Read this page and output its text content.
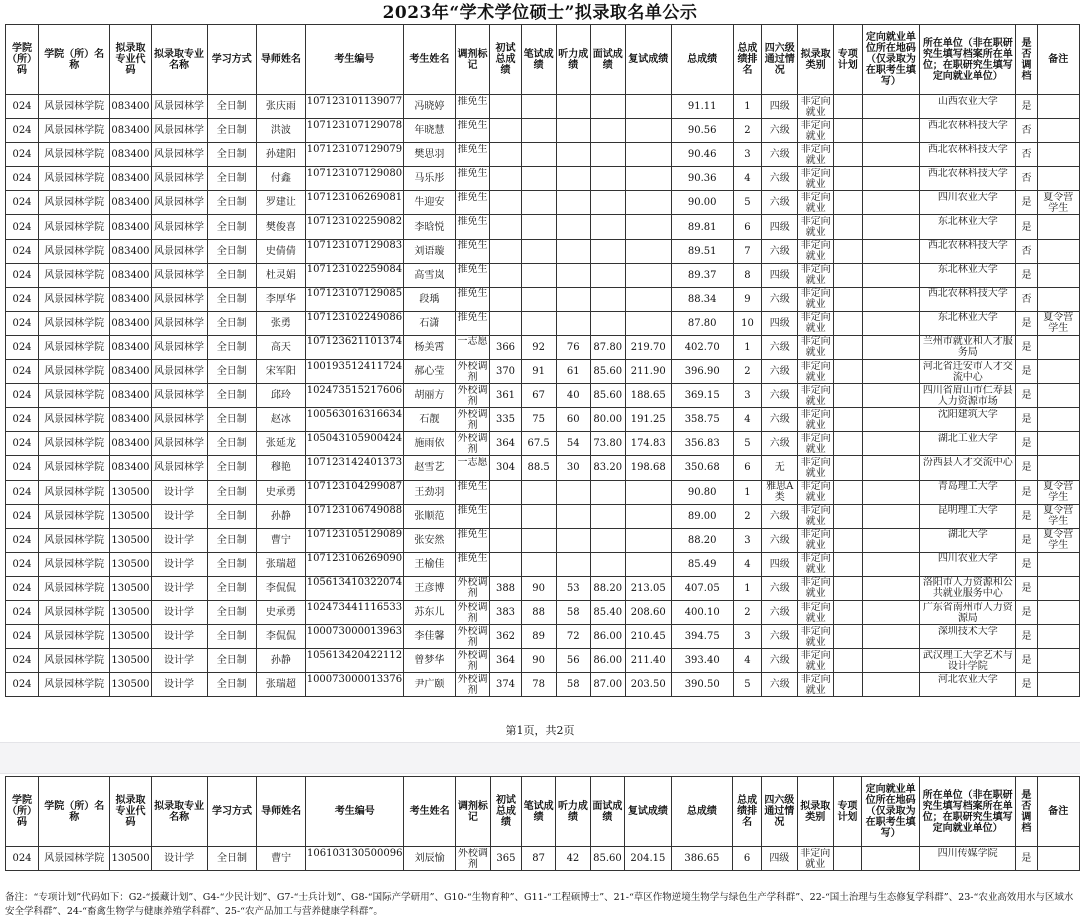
2023年“学术学位硕士”拟录取名单公示
学院（所）码	学院（所）名称	拟录取专业代码	拟录取专业名称	学习方式	导师姓名	考生编号	考生姓名	调剂标记	初试总成绩	笔试成绩	听力成绩	面试成绩	复试成绩	总成绩	总成绩排名	四六级通过情况	拟录取类别	专项计划	定向就业单位所在地码（仅录取为在职考生填写）	所在单位（非在职研究生填写档案所在单位；在职研究生填写定向就业单位）	是否调档	备注
024	风景园林学院	083400	风景园林学	全日制	张庆雨	107123101139077	冯晓婷	推免生						91.11	1	四级	非定向就业			山西农业大学	是	

024	风景园林学院	083400	风景园林学	全日制	洪波	107123107129078	年晓慧	推免生						90.56	2	六级	非定向就业			西北农林科技大学	否	

024	风景园林学院	083400	风景园林学	全日制	孙建阳	107123107129079	樊思羽	推免生						90.46	3	六级	非定向就业			西北农林科技大学	否	

024	风景园林学院	083400	风景园林学	全日制	付鑫	107123107129080	马乐彤	推免生						90.36	4	六级	非定向就业			西北农林科技大学	否	

024	风景园林学院	083400	风景园林学	全日制	罗建让	107123106269081	牛迎安	推免生						90.00	5	六级	非定向就业			四川农业大学	是	夏令营学生

024	风景园林学院	083400	风景园林学	全日制	樊俊喜	107123102259082	李晗悦	推免生						89.81	6	四级	非定向就业			东北林业大学	是	

024	风景园林学院	083400	风景园林学	全日制	史倩倩	107123107129083	刘语璇	推免生						89.51	7	六级	非定向就业			西北农林科技大学	否	

024	风景园林学院	083400	风景园林学	全日制	杜灵娟	107123102259084	高雪岚	推免生						89.37	8	四级	非定向就业			东北林业大学	是	

024	风景园林学院	083400	风景园林学	全日制	李厚华	107123107129085	段瑀	推免生						88.34	9	六级	非定向就业			西北农林科技大学	否	

024	风景园林学院	083400	风景园林学	全日制	张勇	107123102249086	石潇	推免生						87.80	10	四级	非定向就业			东北林业大学	是	夏令营学生

024	风景园林学院	083400	风景园林学	全日制	高天	107123621101374	杨美霄	一志愿	366	92	76	87.80	219.70	402.70	1	六级	非定向就业			兰州市就业和人才服务局	是	

024	风景园林学院	083400	风景园林学	全日制	宋军阳	100193512411724	郝心莹	外校调剂	370	91	61	85.60	211.90	396.90	2	六级	非定向就业			河北省迁安市人才交流中心	是	

024	风景园林学院	083400	风景园林学	全日制	邱玲	102473515217606	胡丽方	外校调剂	361	67	40	85.60	188.65	369.15	3	六级	非定向就业			四川省眉山市仁寿县人力资源市场	是	

024	风景园林学院	083400	风景园林学	全日制	赵冰	100563016316634	石靓	外校调剂	335	75	60	80.00	191.25	358.75	4	六级	非定向就业			沈阳建筑大学	是	

024	风景园林学院	083400	风景园林学	全日制	张延龙	105043105900424	施雨依	外校调剂	364	67.5	54	73.80	174.83	356.83	5	六级	非定向就业			湖北工业大学	是	

024	风景园林学院	083400	风景园林学	全日制	穆艳	107123142401373	赵雪艺	一志愿	304	88.5	30	83.20	198.68	350.68	6	无	非定向就业			汾西县人才交流中心	是	

024	风景园林学院	130500	设计学	全日制	史承勇	107123104299087	王劲羽	推免生						90.80	1	雅思A类	非定向就业			青岛理工大学	是	夏令营学生

024	风景园林学院	130500	设计学	全日制	孙静	107123106749088	张顺范	推免生						89.00	2	六级	非定向就业			昆明理工大学	是	夏令营学生

024	风景园林学院	130500	设计学	全日制	曹宁	107123105129089	张安然	推免生						88.20	3	六级	非定向就业			湖北大学	是	夏令营学生

024	风景园林学院	130500	设计学	全日制	张瑞超	107123106269090	王榆佳	推免生						85.49	4	四级	非定向就业			四川农业大学	是	

024	风景园林学院	130500	设计学	全日制	李侃侃	105613410322074	王彦博	外校调剂	388	90	53	88.20	213.05	407.05	1	六级	非定向就业			洛阳市人力资源和公共就业服务中心	是	

024	风景园林学院	130500	设计学	全日制	史承勇	102473441116533	苏东儿	外校调剂	383	88	58	85.40	208.60	400.10	2	六级	非定向就业			广东省南州市人力资源局	是	

024	风景园林学院	130500	设计学	全日制	李侃侃	100073000013963	李佳馨	外校调剂	362	89	72	86.00	210.45	394.75	3	六级	非定向就业			深圳技术大学	是	

024	风景园林学院	130500	设计学	全日制	孙静	105613420422112	曾梦华	外校调剂	364	90	56	86.00	211.40	393.40	4	六级	非定向就业			武汉理工大学艺术与设计学院	是	

024	风景园林学院	130500	设计学	全日制	张瑞超	100073000013376	尹广颐	外校调剂	374	78	58	87.00	203.50	390.50	5	六级	非定向就业			河北农业大学	是	
第1页，共2页
学院（所）码	学院（所）名称	拟录取专业代码	拟录取专业名称	学习方式	导师姓名	考生编号	考生姓名	调剂标记	初试总成绩	笔试成绩	听力成绩	面试成绩	复试成绩	总成绩	总成绩排名	四六级通过情况	拟录取类别	专项计划	定向就业单位所在地码（仅录取为在职考生填写）	所在单位（非在职研究生填写档案所在单位；在职研究生填写定向就业单位）	是否调档	备注
024	风景园林学院	130500	设计学	全日制	曹宁	106103130500096	刘辰愉	外校调剂	365	87	42	85.60	204.15	386.65	6	四级	非定向就业			四川传媒学院	是	
备注：“专项计划”代码如下：G2-“援藏计划”、G4-“少民计划”、G7-“士兵计划”、G8-“国际产学研用”、G10-“生物育种”、G11-“工程硕博士”、21-“草区作物逆境生物学与绿色生产学科群”、22-“国土治理与生态修复学科群”、23-“农业高效用水与区域水安全学科群”、24-“畜禽生物学与健康养殖学科群”、25-“农产品加工与营养健康学科群”。
